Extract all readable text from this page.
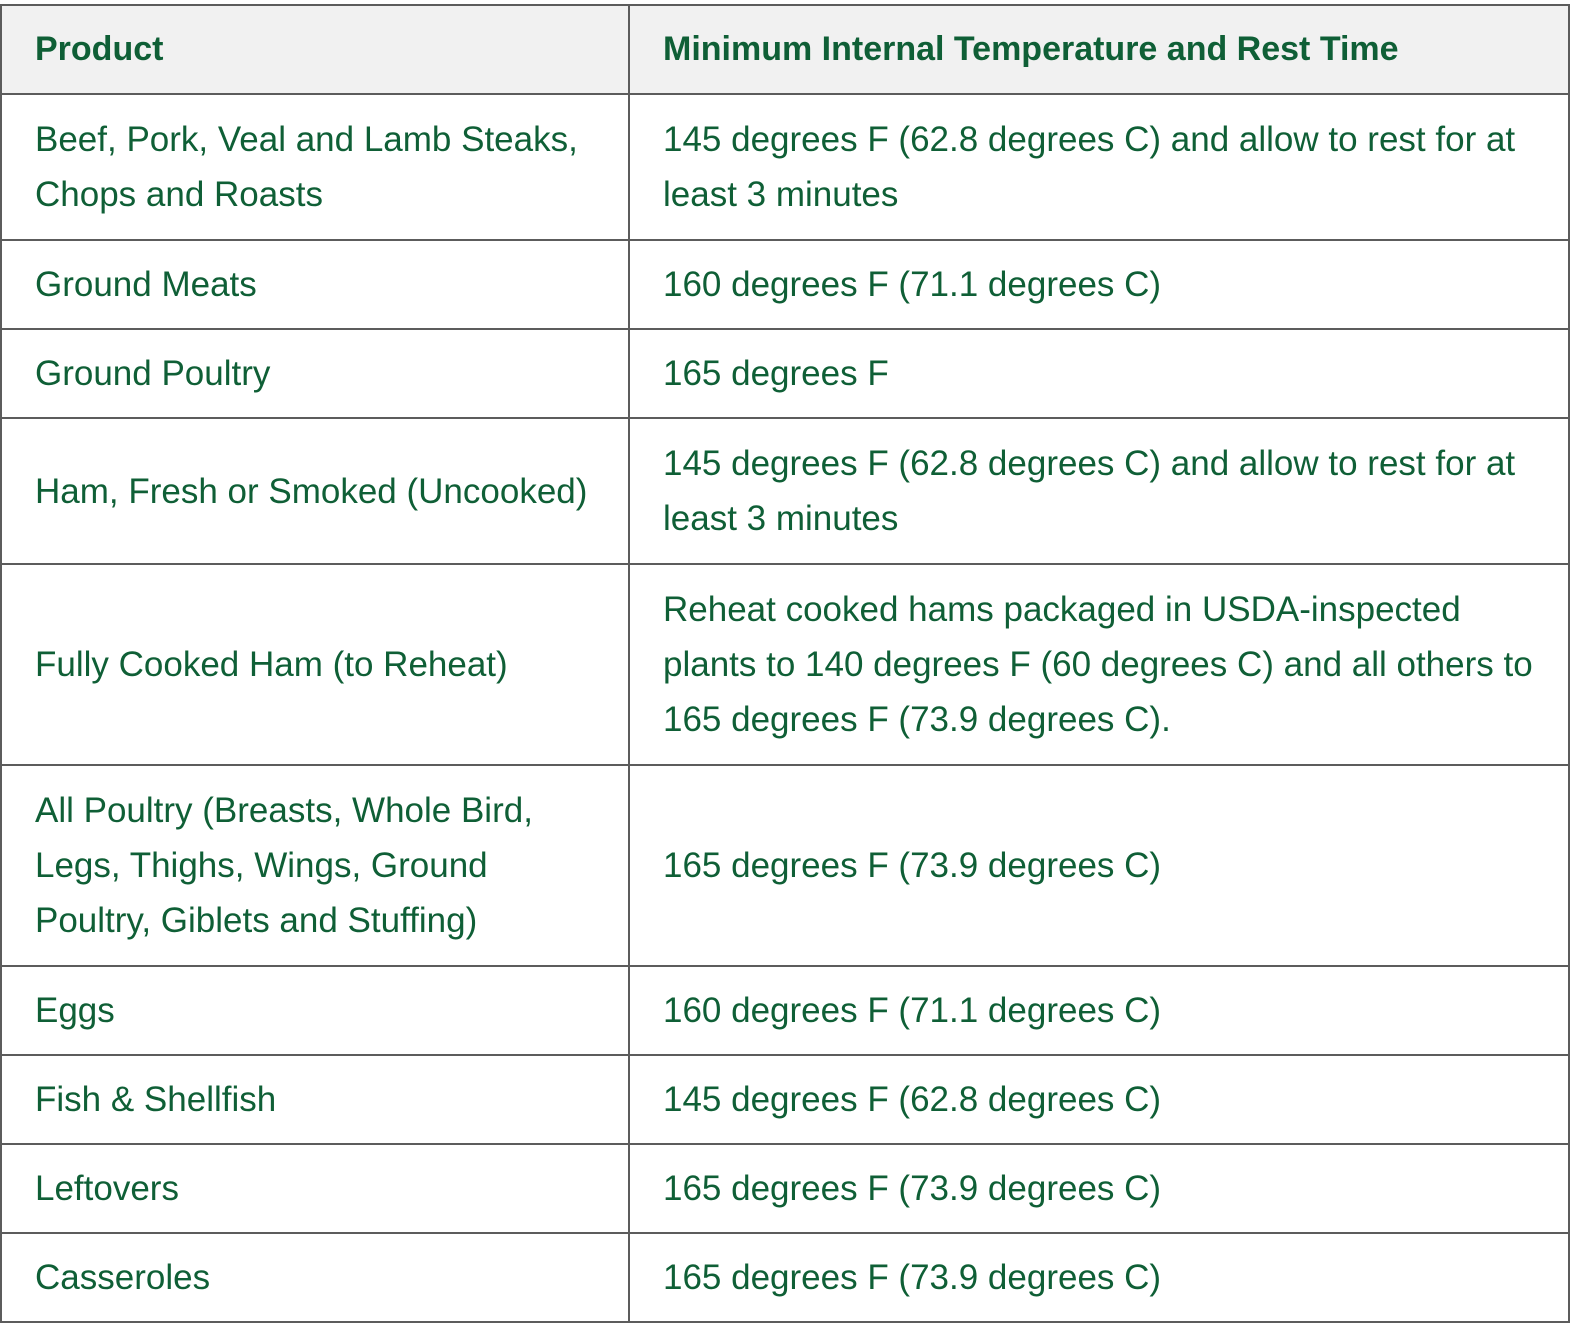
Product	Minimum Internal Temperature and Rest Time
Beef, Pork, Veal and Lamb Steaks, Chops and Roasts	145 degrees F (62.8 degrees C) and allow to rest for at least 3 minutes
Ground Meats	160 degrees F (71.1 degrees C)
Ground Poultry	165 degrees F
Ham, Fresh or Smoked (Uncooked)	145 degrees F (62.8 degrees C) and allow to rest for at least 3 minutes
Fully Cooked Ham (to Reheat)	Reheat cooked hams packaged in USDA-inspected plants to 140 degrees F (60 degrees C) and all others to 165 degrees F (73.9 degrees C).
All Poultry (Breasts, Whole Bird, Legs, Thighs, Wings, Ground Poultry, Giblets and Stuffing)	165 degrees F (73.9 degrees C)
Eggs	160 degrees F (71.1 degrees C)
Fish & Shellfish	145 degrees F (62.8 degrees C)
Leftovers	165 degrees F (73.9 degrees C)
Casseroles	165 degrees F (73.9 degrees C)
